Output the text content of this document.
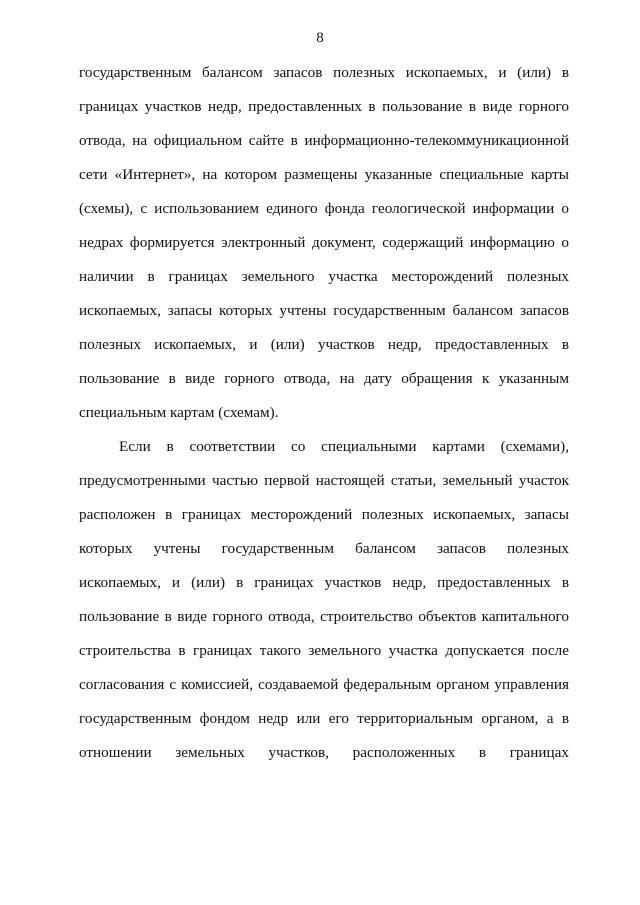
8
государственным балансом запасов полезных ископаемых, и (или) в
границах участков недр, предоставленных в пользование в виде горного
отвода, на официальном сайте в информационно-телекоммуникационной
сети «Интернет», на котором размещены указанные специальные карты
(схемы), с использованием единого фонда геологической информации о
недрах формируется электронный документ, содержащий информацию о
наличии в границах земельного участка месторождений полезных
ископаемых, запасы которых учтены государственным балансом запасов
полезных ископаемых, и (или) участков недр, предоставленных в
пользование в виде горного отвода, на дату обращения к указанным
специальным картам (схемам).
Если в соответствии со специальными картами (схемами),
предусмотренными частью первой настоящей статьи, земельный участок
расположен в границах месторождений полезных ископаемых, запасы
которых учтены государственным балансом запасов полезных
ископаемых, и (или) в границах участков недр, предоставленных в
пользование в виде горного отвода, строительство объектов капитального
строительства в границах такого земельного участка допускается после
согласования с комиссией, создаваемой федеральным органом управления
государственным фондом недр или его территориальным органом, а в
отношении земельных участков, расположенных в границах
